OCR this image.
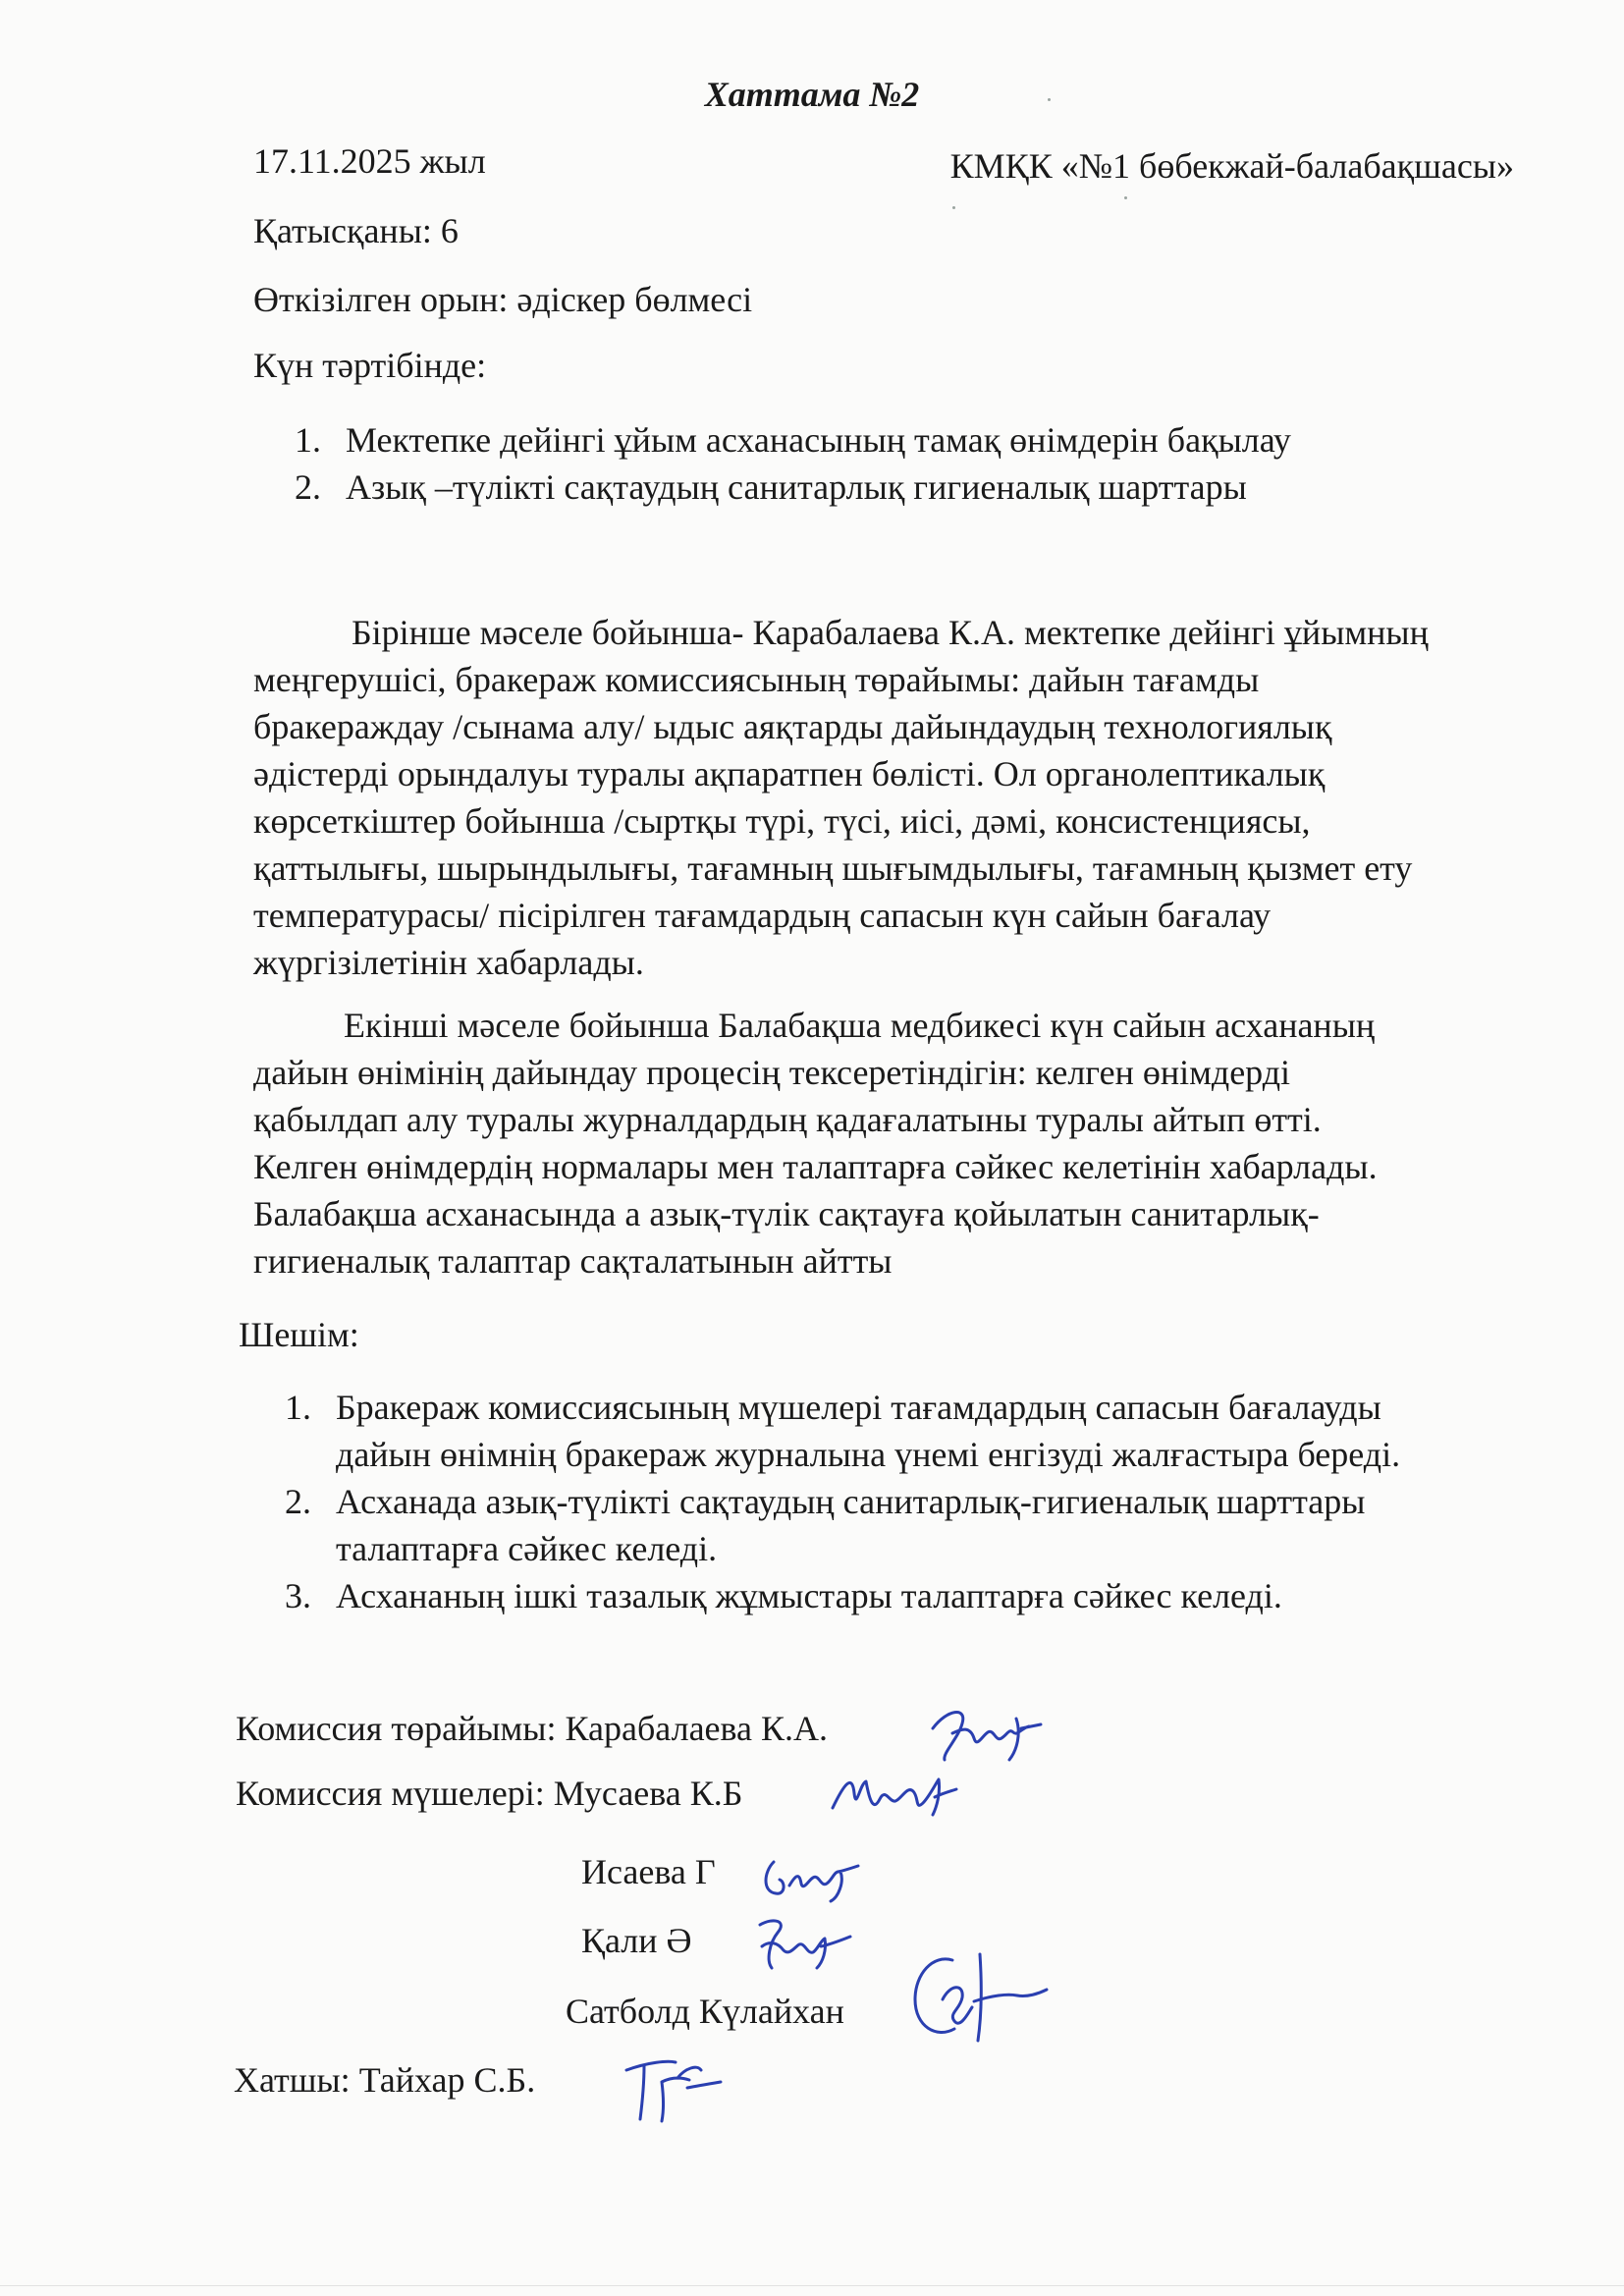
Хаттама №2
17.11.2025 жыл	КМҚК «№1 бөбекжай-балабақшасы»
Қатысқаны: 6
Өткізілген орын: әдіскер бөлмесі
Күн тәртібінде:
1. Мектепке дейінгі ұйым асханасының тамақ өнімдерін бақылау
2. Азық –түлікті сақтаудың санитарлық гигиеналық шарттары
Бірінше мәселе бойынша- Карабалаева К.А. мектепке дейінгі ұйымның
меңгерушісі, бракераж комиссиясының төрайымы: дайын тағамды
бракераждау /сынама алу/ ыдыс аяқтарды дайындаудың технологиялық
әдістерді орындалуы туралы ақпаратпен бөлісті. Ол органолептикалық
көрсеткіштер бойынша /сыртқы түрі, түсі, иісі, дәмі, консистенциясы,
қаттылығы, шырындылығы, тағамның шығымдылығы, тағамның қызмет ету
температурасы/ пісірілген тағамдардың сапасын күн сайын бағалау
жүргізілетінін хабарлады.
Екінші мәселе бойынша Балабақша медбикесі күн сайын асхананың
дайын өнімінің дайындау процесің тексеретіндігін: келген өнімдерді
қабылдап алу туралы журналдардың қадағалатыны туралы айтып өтті.
Келген өнімдердің нормалары мен талаптарға сәйкес келетінін хабарлады.
Балабақша асханасында а азық-түлік сақтауға қойылатын санитарлық-
гигиеналық талаптар сақталатынын айтты
Шешім:
1. Бракераж комиссиясының мүшелері тағамдардың сапасын бағалауды
дайын өнімнің бракераж журналына үнемі енгізуді жалғастыра береді.
2. Асханада азық-түлікті сақтаудың санитарлық-гигиеналық шарттары
талаптарға сәйкес келеді.
3. Асхананың ішкі тазалық жұмыстары талаптарға сәйкес келеді.
Комиссия төрайымы: Карабалаева К.А.
Комиссия мүшелері: Мусаева К.Б
Исаева Г
Қали Ә
Сатболд Күлайхан
Хатшы: Тайхар С.Б.
